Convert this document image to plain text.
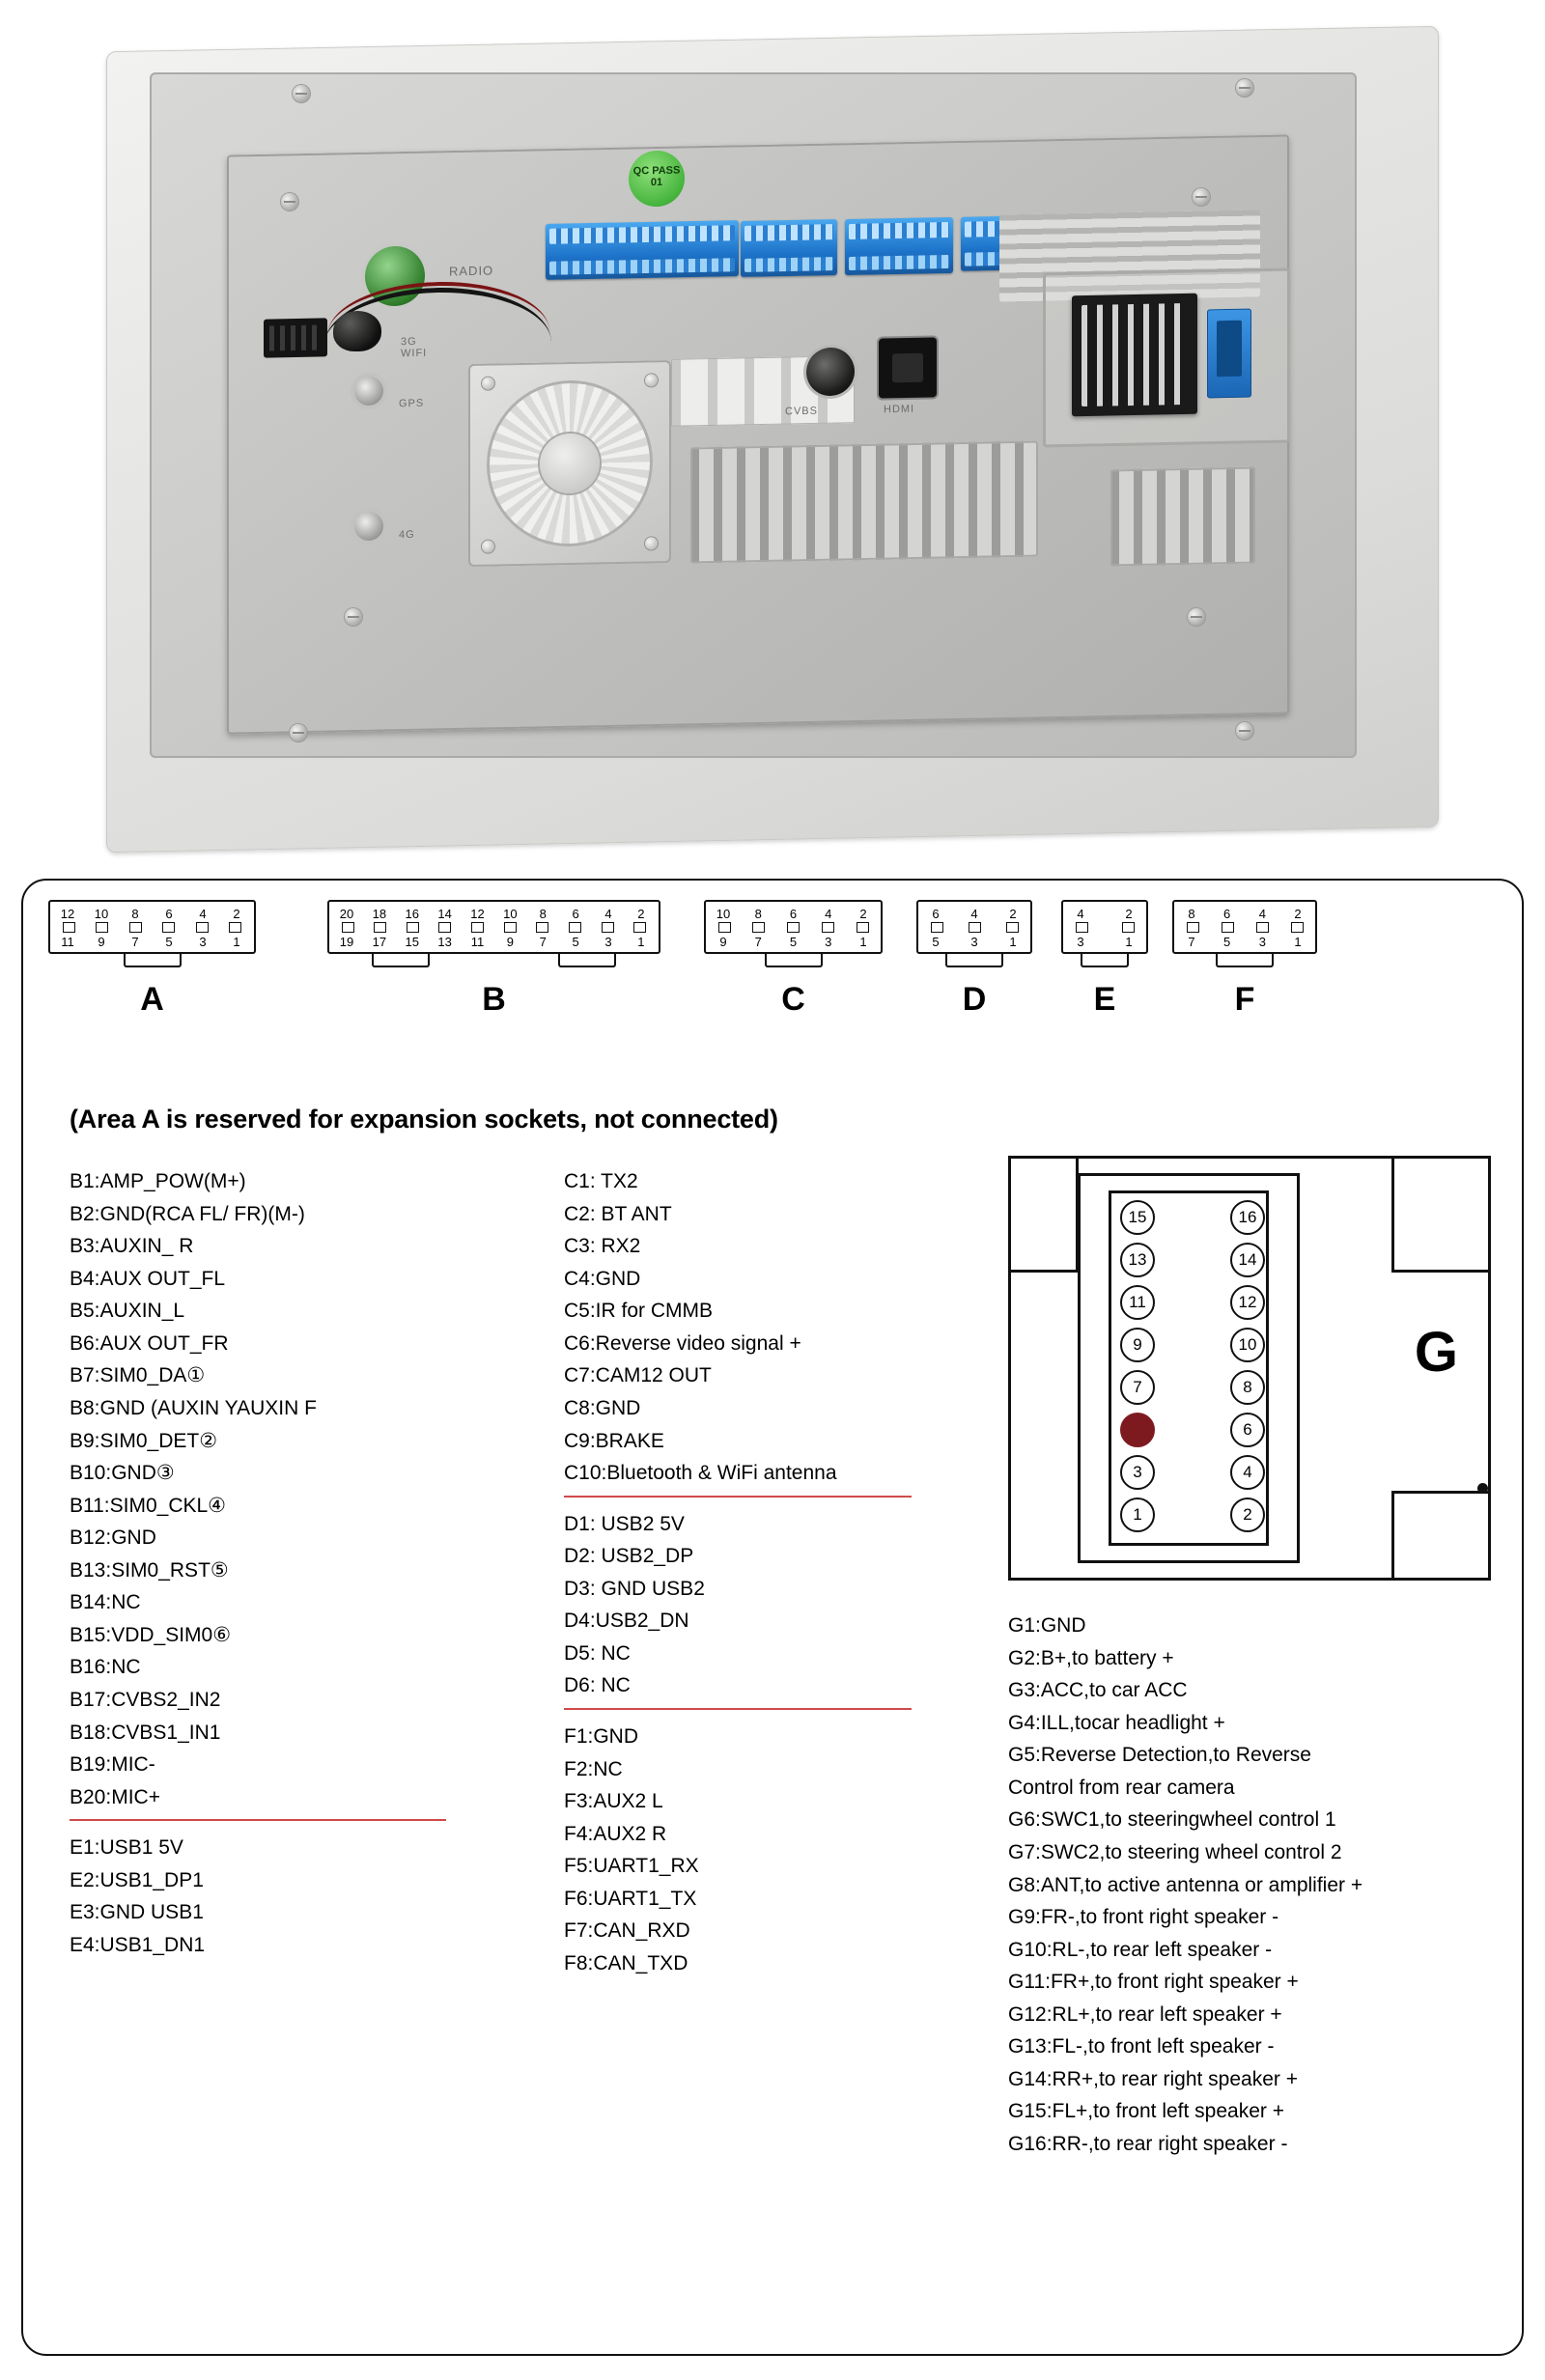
QC PASS 01
RADIO
3G
WIFI
GPS
4G
CVBS	HDMI
12 10	8	6	4	2
11	9	7	5	3	1
A
20 18 16 14 12 10	8	6	4	2
19 17 15 13	11	9	7	5	3	1
B
10	8	6	4	2
9	7	5	3	1
C
6	4	2
5	3	1
D
4	2
3	1
E
8	6	4	2
7	5	3	1
F
(Area A is reserved for expansion sockets, not connected)
B1:AMP_POW(M+)
B2:GND(RCA FL/ FR)(M-)
B3:AUXIN_ R
B4:AUX OUT_FL
B5:AUXIN_L
B6:AUX OUT_FR
B7:SIM0_DA①
B8:GND (AUXIN YAUXIN F
B9:SIM0_DET②
B10:GND③
B11:SIM0_CKL④
B12:GND
B13:SIM0_RST⑤
B14:NC
B15:VDD_SIM0⑥
B16:NC
B17:CVBS2_IN2
B18:CVBS1_IN1
B19:MIC-
B20:MIC+
E1:USB1 5V
E2:USB1_DP1
E3:GND USB1
E4:USB1_DN1
C1: TX2
C2: BT ANT
C3: RX2
C4:GND
C5:IR for CMMB
C6:Reverse video signal +
C7:CAM12 OUT
C8:GND
C9:BRAKE
C10:Bluetooth & WiFi antenna
D1: USB2 5V
D2: USB2_DP
D3: GND USB2
D4:USB2_DN
D5: NC
D6: NC
F1:GND
F2:NC
F3:AUX2 L
F4:AUX2 R
F5:UART1_RX
F6:UART1_TX
F7:CAN_RXD
F8:CAN_TXD
15	16
13	14
11	12
9	10
7	8
5	6
3	4
1	2
G
G1:GND
G2:B+,to battery +
G3:ACC,to car ACC
G4:ILL,tocar headlight +
G5:Reverse Detection,to Reverse
Control from rear camera
G6:SWC1,to steeringwheel control 1
G7:SWC2,to steering wheel control 2
G8:ANT,to active antenna or amplifier +
G9:FR-,to front right speaker -
G10:RL-,to rear left speaker -
G11:FR+,to front right speaker +
G12:RL+,to rear left speaker +
G13:FL-,to front left speaker -
G14:RR+,to rear right speaker +
G15:FL+,to front left speaker +
G16:RR-,to rear right speaker -
